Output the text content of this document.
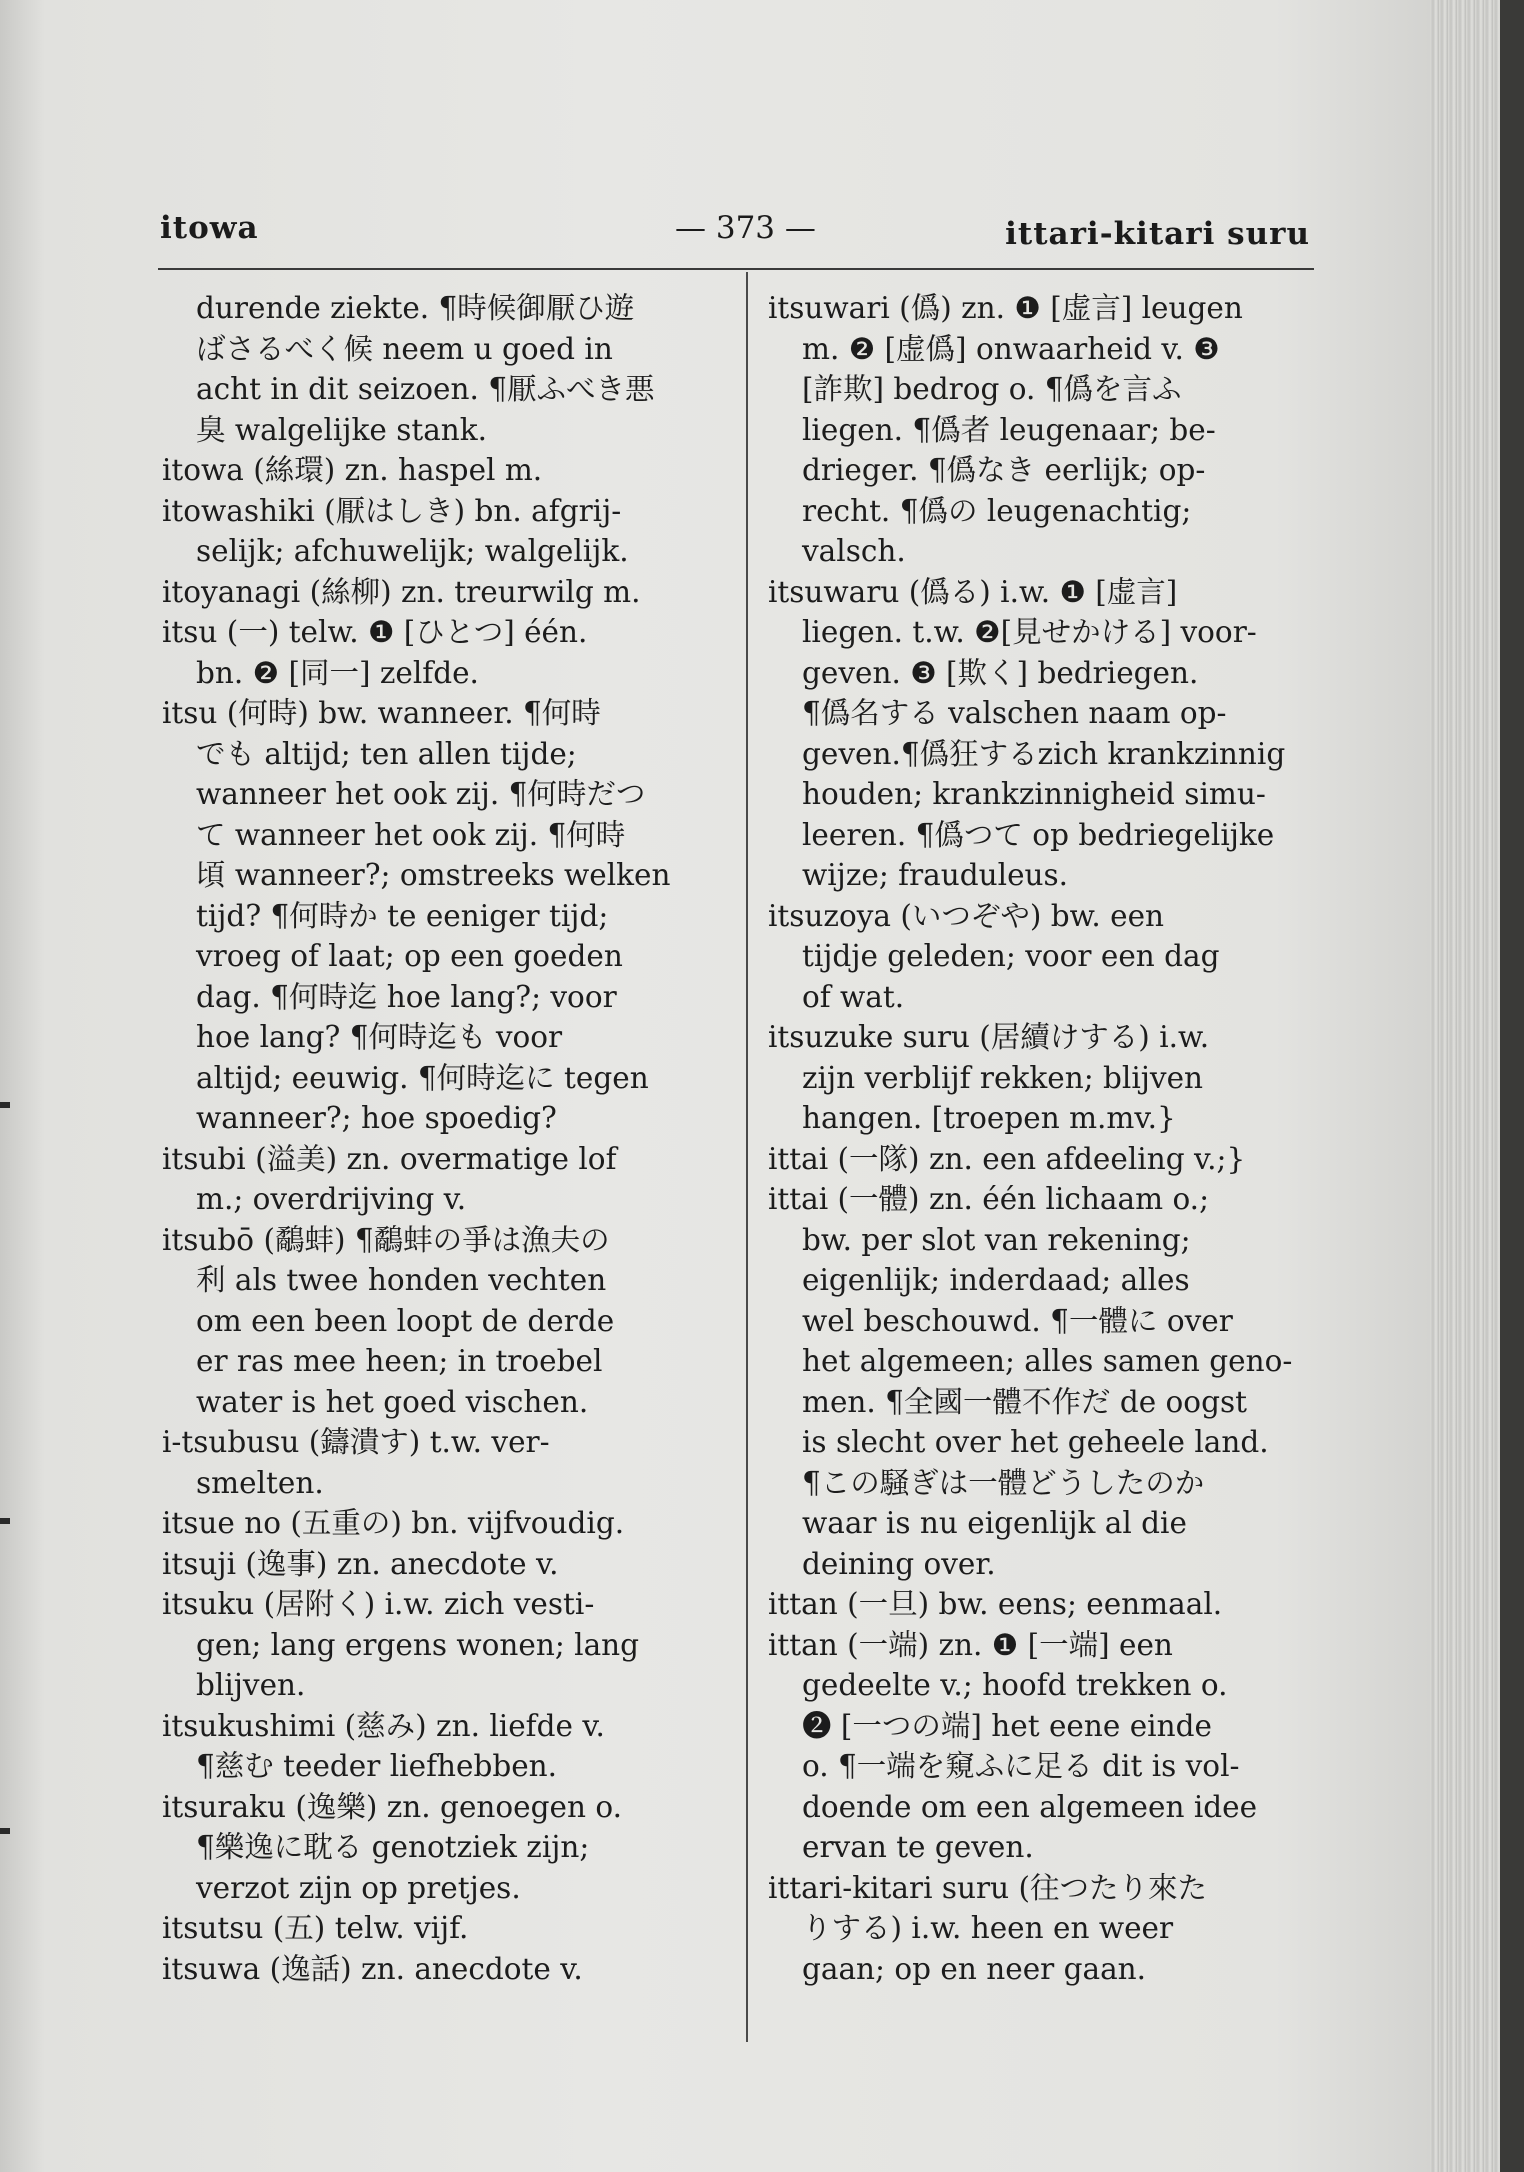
itowa	— 373 —	ittari-kitari suru
durende ziekte. ¶時候御厭ひ遊
ばさるべく候 neem u goed in
acht in dit seizoen. ¶厭ふべき悪
臭 walgelijke stank.
itowa (絲環) zn. haspel m.
itowashiki (厭はしき) bn. afgrij-
selijk; afchuwelijk; walgelijk.
itoyanagi (絲柳) zn. treurwilg m.
itsu (一) telw. ❶ [ひとつ] één.
bn. ❷ [同一] zelfde.
itsu (何時) bw. wanneer. ¶何時
でも altijd; ten allen tijde;
wanneer het ook zij. ¶何時だつ
て wanneer het ook zij. ¶何時
頃 wanneer?; omstreeks welken
tijd? ¶何時か te eeniger tijd;
vroeg of laat; op een goeden
dag. ¶何時迄 hoe lang?; voor
hoe lang? ¶何時迄も voor
altijd; eeuwig. ¶何時迄に tegen
wanneer?; hoe spoedig?
itsubi (溢美) zn. overmatige lof
m.; overdrijving v.
itsubō (鷸蚌) ¶鷸蚌の爭は漁夫の
利 als twee honden vechten
om een been loopt de derde
er ras mee heen; in troebel
water is het goed vischen.
i-tsubusu (鑄潰す) t.w. ver-
smelten.
itsue no (五重の) bn. vijfvoudig.
itsuji (逸事) zn. anecdote v.
itsuku (居附く) i.w. zich vesti-
gen; lang ergens wonen; lang
blijven.
itsukushimi (慈み) zn. liefde v.
¶慈む teeder liefhebben.
itsuraku (逸樂) zn. genoegen o.
¶樂逸に耽る genotziek zijn;
verzot zijn op pretjes.
itsutsu (五) telw. vijf.
itsuwa (逸話) zn. anecdote v.
itsuwari (僞) zn. ❶ [虚言] leugen
m. ❷ [虚僞] onwaarheid v. ❸
[詐欺] bedrog o. ¶僞を言ふ
liegen. ¶僞者 leugenaar; be-
drieger. ¶僞なき eerlijk; op-
recht. ¶僞の leugenachtig;
valsch.
itsuwaru (僞る) i.w. ❶ [虚言]
liegen. t.w. ❷[見せかける] voor-
geven. ❸ [欺く] bedriegen.
¶僞名する valschen naam op-
geven.¶僞狂するzich krankzinnig
houden; krankzinnigheid simu-
leeren. ¶僞つて op bedriegelijke
wijze; frauduleus.
itsuzoya (いつぞや) bw. een
tijdje geleden; voor een dag
of wat.
itsuzuke suru (居續けする) i.w.
zijn verblijf rekken; blijven
hangen. [troepen m.mv.}
ittai (一隊) zn. een afdeeling v.;}
ittai (一體) zn. één lichaam o.;
bw. per slot van rekening;
eigenlijk; inderdaad; alles
wel beschouwd. ¶一體に over
het algemeen; alles samen geno-
men. ¶全國一體不作だ de oogst
is slecht over het geheele land.
¶この騒ぎは一體どうしたのか
waar is nu eigenlijk al die
deining over.
ittan (一旦) bw. eens; eenmaal.
ittan (一端) zn. ❶ [一端] een
gedeelte v.; hoofd trekken o.
❷ [一つの端] het eene einde
o. ¶一端を窺ふに足る dit is vol-
doende om een algemeen idee
ervan te geven.
ittari-kitari suru (往つたり來た
りする) i.w. heen en weer
gaan; op en neer gaan.
